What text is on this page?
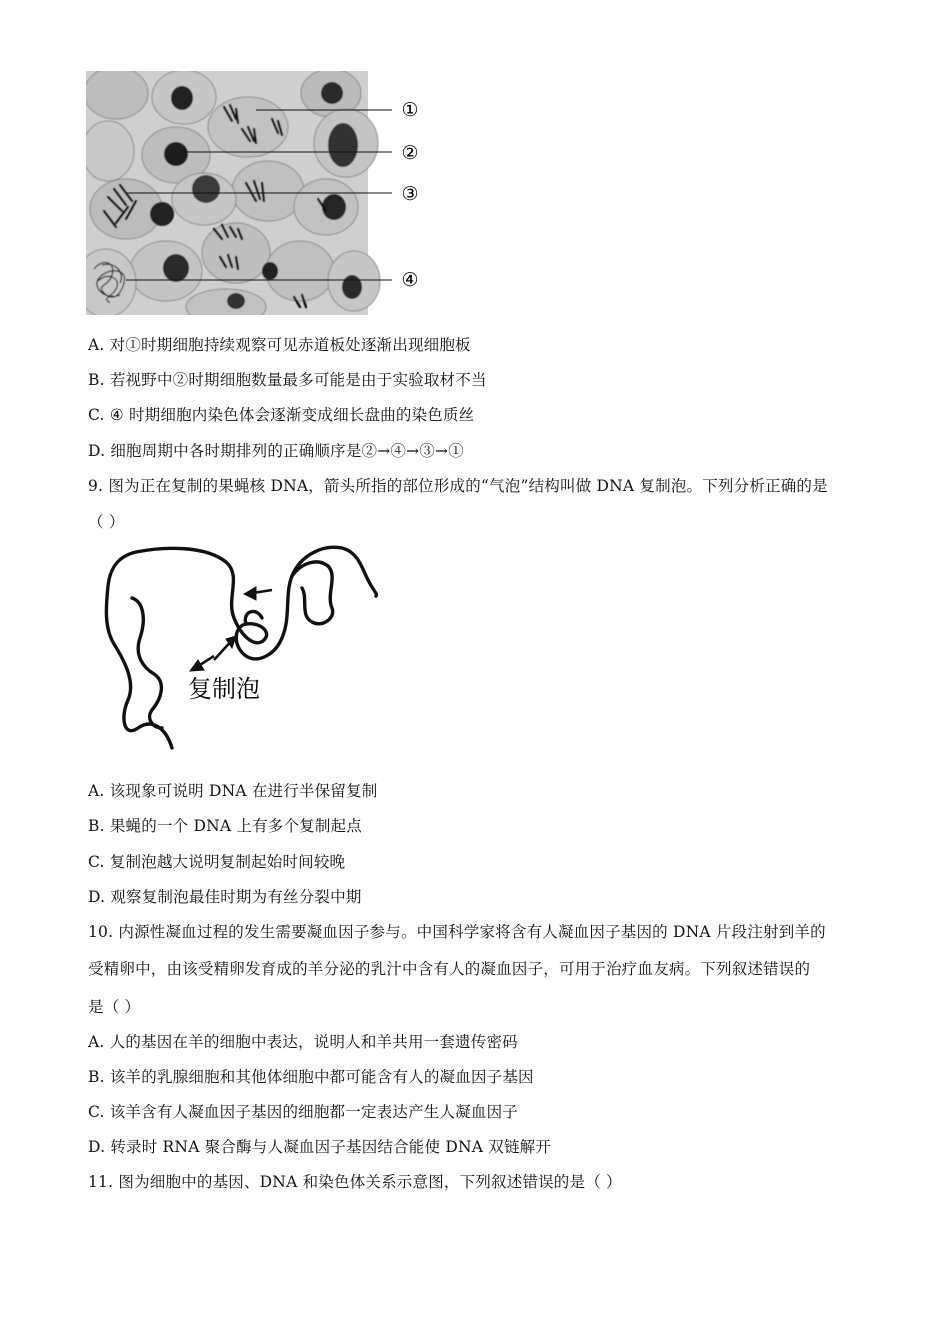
①
②
③
④
A. 对①时期细胞持续观察可见赤道板处逐渐出现细胞板
B. 若视野中②时期细胞数量最多可能是由于实验取材不当
C. ④ 时期细胞内染色体会逐渐变成细长盘曲的染色质丝
D. 细胞周期中各时期排列的正确顺序是②→④→③→①
9. 图为正在复制的果蝇核 DNA，箭头所指的部位形成的“气泡”结构叫做 DNA 复制泡。下列分析正确的是
（ ）
复制泡
A. 该现象可说明 DNA 在进行半保留复制
B. 果蝇的一个 DNA 上有多个复制起点
C. 复制泡越大说明复制起始时间较晚
D. 观察复制泡最佳时期为有丝分裂中期
10. 内源性凝血过程的发生需要凝血因子参与。中国科学家将含有人凝血因子基因的 DNA 片段注射到羊的
受精卵中，由该受精卵发育成的羊分泌的乳汁中含有人的凝血因子，可用于治疗血友病。下列叙述错误的
是（ ）
A. 人的基因在羊的细胞中表达，说明人和羊共用一套遗传密码
B. 该羊的乳腺细胞和其他体细胞中都可能含有人的凝血因子基因
C. 该羊含有人凝血因子基因的细胞都一定表达产生人凝血因子
D. 转录时 RNA 聚合酶与人凝血因子基因结合能使 DNA 双链解开
11. 图为细胞中的基因、DNA 和染色体关系示意图，下列叙述错误的是（ ）
